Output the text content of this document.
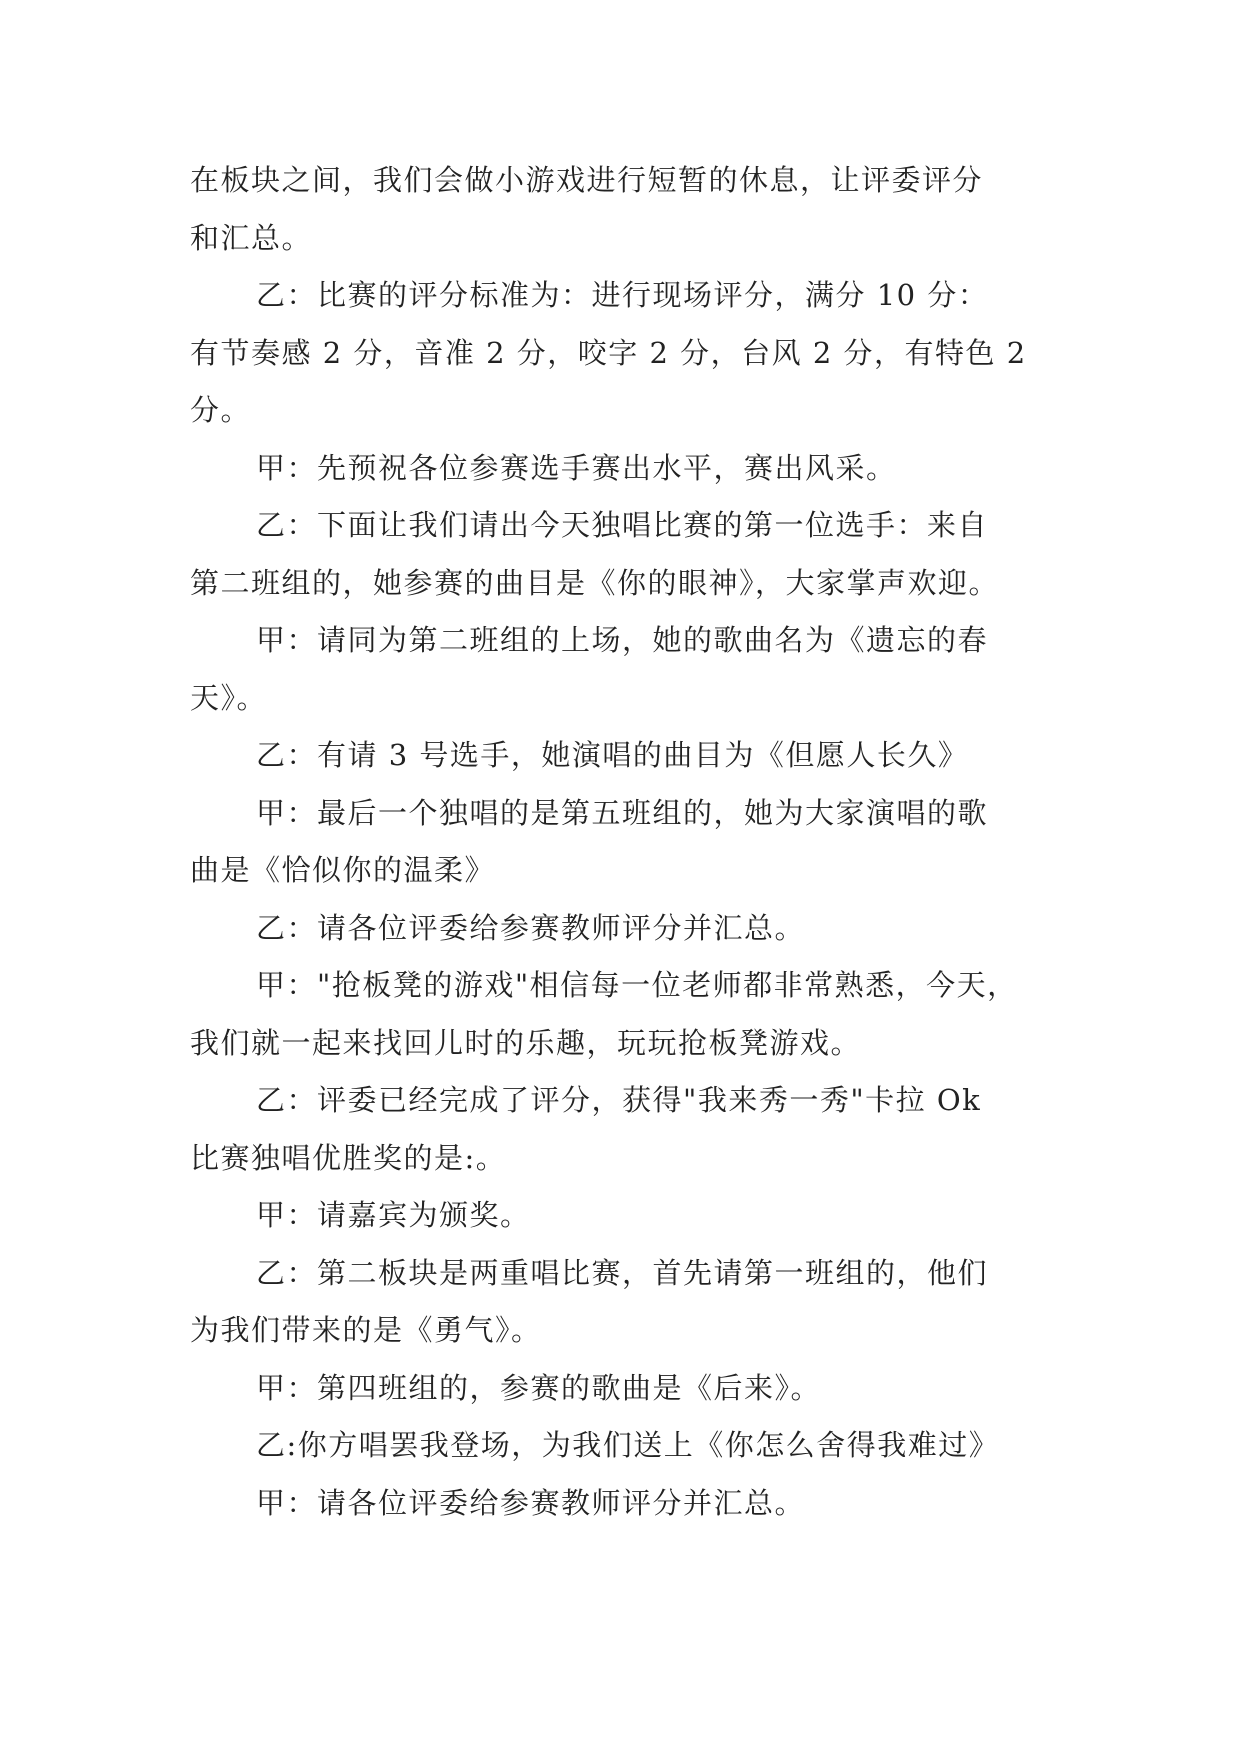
在板块之间，我们会做小游戏进行短暂的休息，让评委评分
和汇总。

乙：比赛的评分标准为：进行现场评分，满分 10 分：
有节奏感 2 分，音准 2 分，咬字 2 分，台风 2 分，有特色 2
分。

甲：先预祝各位参赛选手赛出水平，赛出风采。

乙：下面让我们请出今天独唱比赛的第一位选手：来自
第二班组的，她参赛的曲目是《你的眼神》，大家掌声欢迎。

甲：请同为第二班组的上场，她的歌曲名为《遗忘的春
天》。

乙：有请 3 号选手，她演唱的曲目为《但愿人长久》

甲：最后一个独唱的是第五班组的，她为大家演唱的歌
曲是《恰似你的温柔》

乙：请各位评委给参赛教师评分并汇总。

甲："抢板凳的游戏"相信每一位老师都非常熟悉，今天，
我们就一起来找回儿时的乐趣，玩玩抢板凳游戏。

乙：评委已经完成了评分，获得"我来秀一秀"卡拉 Ok
比赛独唱优胜奖的是:。

甲：请嘉宾为颁奖。

乙：第二板块是两重唱比赛，首先请第一班组的，他们
为我们带来的是《勇气》。

甲：第四班组的，参赛的歌曲是《后来》。

乙:你方唱罢我登场，为我们送上《你怎么舍得我难过》

甲：请各位评委给参赛教师评分并汇总。
